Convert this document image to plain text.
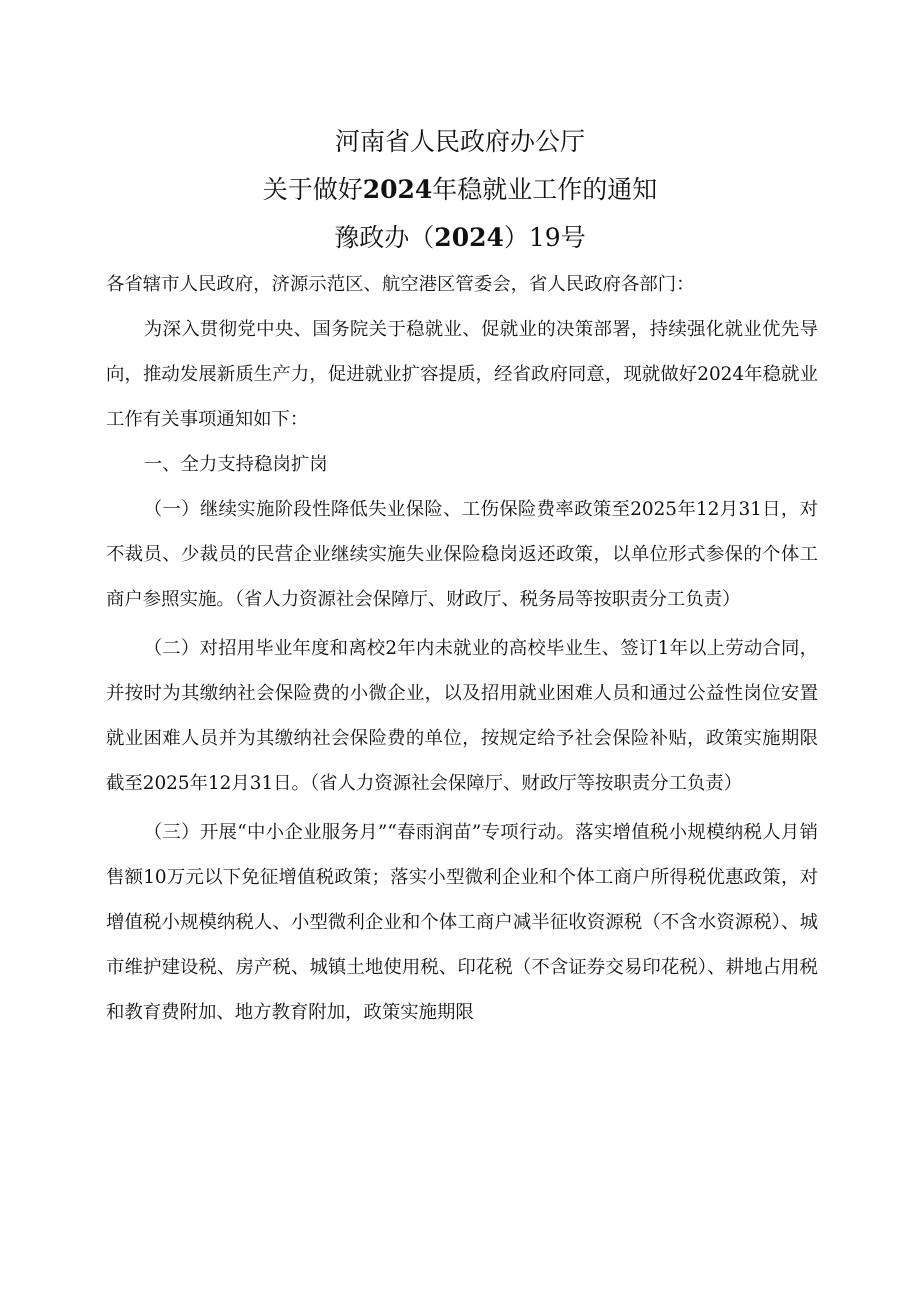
河南省人民政府办公厅
关于做好2024年稳就业工作的通知
豫政办（2024）19号

各省辖市人民政府，济源示范区、航空港区管委会，省人民政府各部门：

为深入贯彻党中央、国务院关于稳就业、促就业的决策部署，持续强化就业优先导向，推动发展新质生产力，促进就业扩容提质，经省政府同意，现就做好2024年稳就业工作有关事项通知如下：

一、全力支持稳岗扩岗

（一）继续实施阶段性降低失业保险、工伤保险费率政策至2025年12月31日，对不裁员、少裁员的民营企业继续实施失业保险稳岗返还政策，以单位形式参保的个体工商户参照实施。（省人力资源社会保障厅、财政厅、税务局等按职责分工负责）

（二）对招用毕业年度和离校2年内未就业的高校毕业生、签订1年以上劳动合同，并按时为其缴纳社会保险费的小微企业，以及招用就业困难人员和通过公益性岗位安置就业困难人员并为其缴纳社会保险费的单位，按规定给予社会保险补贴，政策实施期限截至2025年12月31日。（省人力资源社会保障厅、财政厅等按职责分工负责）

（三）开展“中小企业服务月”“春雨润苗”专项行动。落实增值税小规模纳税人月销售额10万元以下免征增值税政策；落实小型微利企业和个体工商户所得税优惠政策，对增值税小规模纳税人、小型微利企业和个体工商户减半征收资源税（不含水资源税）、城市维护建设税、房产税、城镇土地使用税、印花税（不含证券交易印花税）、耕地占用税和教育费附加、地方教育附加，政策实施期限
